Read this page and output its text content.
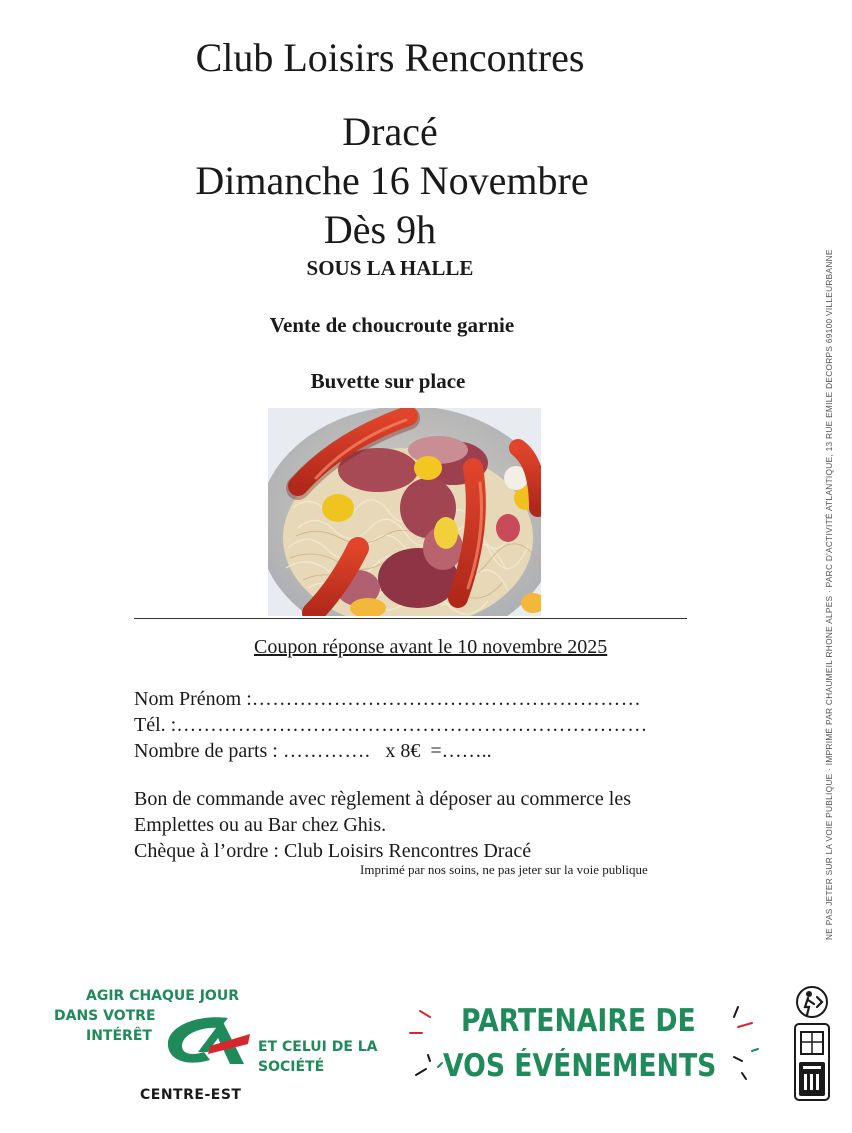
Club Loisirs Rencontres
Dracé
Dimanche 16 Novembre
Dès 9h
SOUS LA HALLE
Vente de choucroute garnie
Buvette sur place
Coupon réponse avant le 10 novembre 2025
Nom Prénom :…………………………………………………
Tél. :……………………………………………………………
Nombre de parts : …………. x 8€ =……..
Bon de commande avec règlement à déposer au commerce les
Emplettes ou au Bar chez Ghis.
Chèque à l’ordre : Club Loisirs Rencontres Dracé
Imprimé par nos soins, ne pas jeter sur la voie publique	NE PAS JETER SUR LA VOIE PUBLIQUE · IMPRIMÉ PAR CHAUMEIL RHONE ALPES · PARC D'ACTIVITÉ ATLANTIQUE, 13 RUE EMILE DECORPS 69100 VILLEURBANNE
AGIR CHAQUE JOUR
DANS VOTRE
INTÉRÊT
ET CELUI DE LA
SOCIÉTÉ
CENTRE-EST
PARTENAIRE DE
VOS ÉVÉNEMENTS
